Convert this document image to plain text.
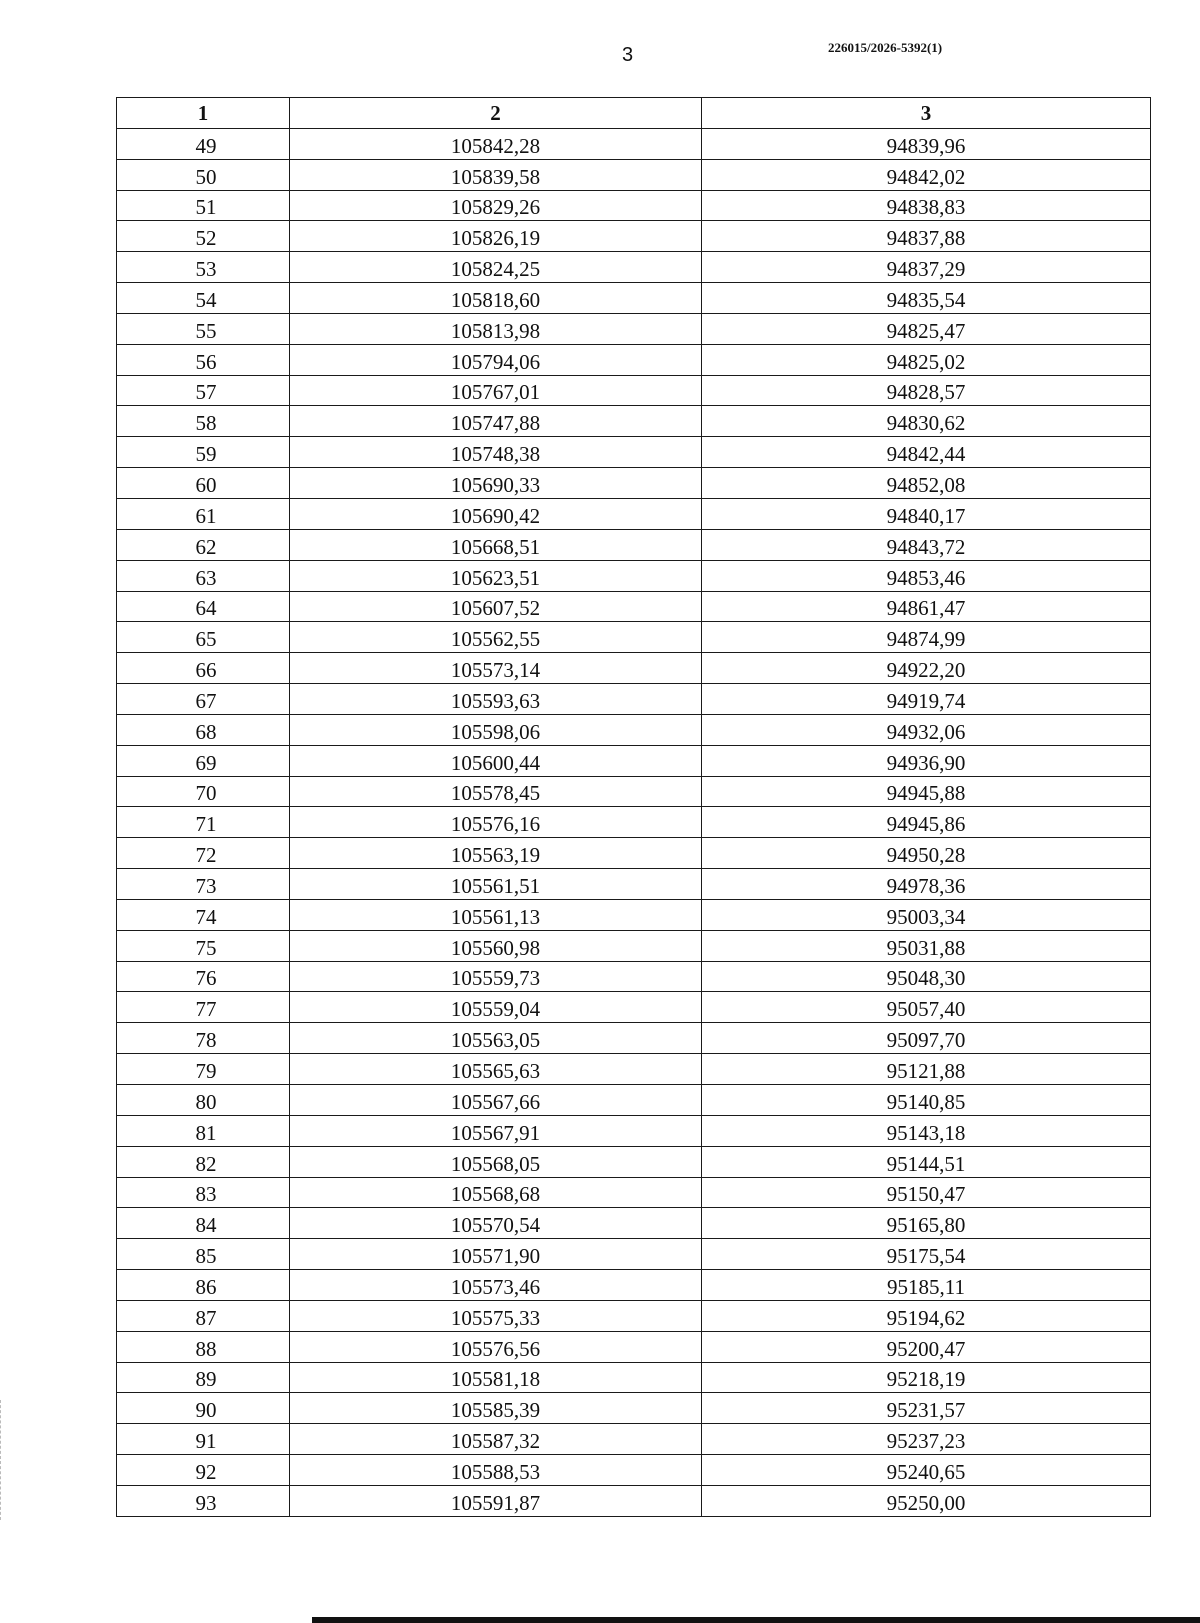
3	226015/2026-5392(1)
1	2	3
49	105842,28	94839,96
50	105839,58	94842,02
51	105829,26	94838,83
52	105826,19	94837,88
53	105824,25	94837,29
54	105818,60	94835,54
55	105813,98	94825,47
56	105794,06	94825,02
57	105767,01	94828,57
58	105747,88	94830,62
59	105748,38	94842,44
60	105690,33	94852,08
61	105690,42	94840,17
62	105668,51	94843,72
63	105623,51	94853,46
64	105607,52	94861,47
65	105562,55	94874,99
66	105573,14	94922,20
67	105593,63	94919,74
68	105598,06	94932,06
69	105600,44	94936,90
70	105578,45	94945,88
71	105576,16	94945,86
72	105563,19	94950,28
73	105561,51	94978,36
74	105561,13	95003,34
75	105560,98	95031,88
76	105559,73	95048,30
77	105559,04	95057,40
78	105563,05	95097,70
79	105565,63	95121,88
80	105567,66	95140,85
81	105567,91	95143,18
82	105568,05	95144,51
83	105568,68	95150,47
84	105570,54	95165,80
85	105571,90	95175,54
86	105573,46	95185,11
87	105575,33	95194,62
88	105576,56	95200,47
89	105581,18	95218,19
90	105585,39	95231,57
91	105587,32	95237,23
92	105588,53	95240,65
93	105591,87	95250,00
